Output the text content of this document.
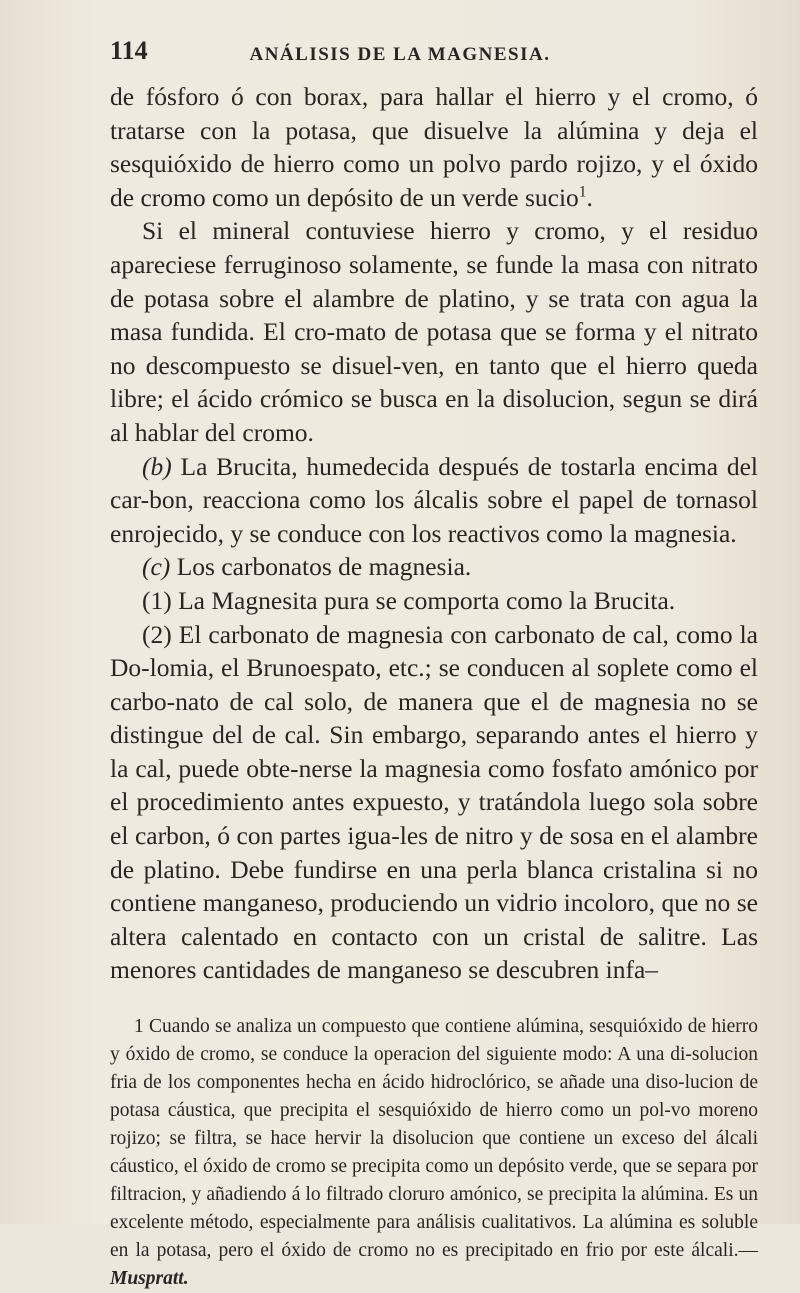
114	ANÁLISIS DE LA MAGNESIA.

de fósforo ó con borax, para hallar el hierro y el cromo, ó tratarse con la potasa, que disuelve la alúmina y deja el sesquióxido de hierro como un polvo pardo rojizo, y el óxido de cromo como un depósito de un verde sucio$^1$.

Si el mineral contuviese hierro y cromo, y el residuo apareciese ferruginoso solamente, se funde la masa con nitrato de potasa sobre el alambre de platino, y se trata con agua la masa fundida. El cro-mato de potasa que se forma y el nitrato no descompuesto se disuel-ven, en tanto que el hierro queda libre; el ácido crómico se busca en la disolucion, segun se dirá al hablar del cromo.

(b) La Brucita, humedecida después de tostarla encima del car-bon, reacciona como los álcalis sobre el papel de tornasol enrojecido, y se conduce con los reactivos como la magnesia.

(c) Los carbonatos de magnesia.

(1) La Magnesita pura se comporta como la Brucita.

(2) El carbonato de magnesia con carbonato de cal, como la Do-lomia, el Brunoespato, etc.; se conducen al soplete como el carbo-nato de cal solo, de manera que el de magnesia no se distingue del de cal. Sin embargo, separando antes el hierro y la cal, puede obte-nerse la magnesia como fosfato amónico por el procedimiento antes expuesto, y tratándola luego sola sobre el carbon, ó con partes igua-les de nitro y de sosa en el alambre de platino. Debe fundirse en una perla blanca cristalina si no contiene manganeso, produciendo un vidrio incoloro, que no se altera calentado en contacto con un cristal de salitre. Las menores cantidades de manganeso se descubren infa–

1 Cuando se analiza un compuesto que contiene alúmina, sesquióxido de hierro y óxido de cromo, se conduce la operacion del siguiente modo: A una di-solucion fria de los componentes hecha en ácido hidroclórico, se añade una diso-lucion de potasa cáustica, que precipita el sesquióxido de hierro como un pol-vo moreno rojizo; se filtra, se hace hervir la disolucion que contiene un exceso del álcali cáustico, el óxido de cromo se precipita como un depósito verde, que se separa por filtracion, y añadiendo á lo filtrado cloruro amónico, se precipita la alúmina. Es un excelente método, especialmente para análisis cualitativos. La alúmina es soluble en la potasa, pero el óxido de cromo no es precipitado en frio por este álcali.—Muspratt.
